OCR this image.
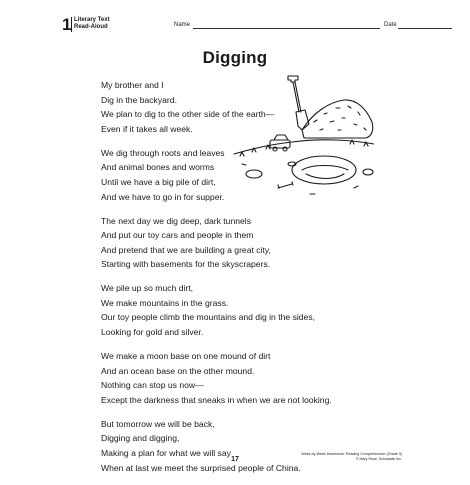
1 Literary Text
Read-Aloud	Name	Date
Digging
My brother and I
Dig in the backyard.
We plan to dig to the other side of the earth—
Even if it takes all week.
We dig through roots and leaves
And animal bones and worms
Until we have a big pile of dirt,
And we have to go in for supper.
The next day we dig deep, dark tunnels
And put our toy cars and people in them
And pretend that we are building a great city,
Starting with basements for the skyscrapers.
We pile up so much dirt,
We make mountains in the grass.
Our toy people climb the mountains and dig in the sides,
Looking for gold and silver.
We make a moon base on one mound of dirt
And an ocean base on the other mound.
Nothing can stop us now—
Except the darkness that sneaks in when we are not looking.
But tomorrow we will be back,
Digging and digging,
Making a plan for what we will say
When at last we meet the surprised people of China.
Week-by-Week Homework: Reading Comprehension (Grade 3)
© Mary Rose, Scholastic Inc.
17
